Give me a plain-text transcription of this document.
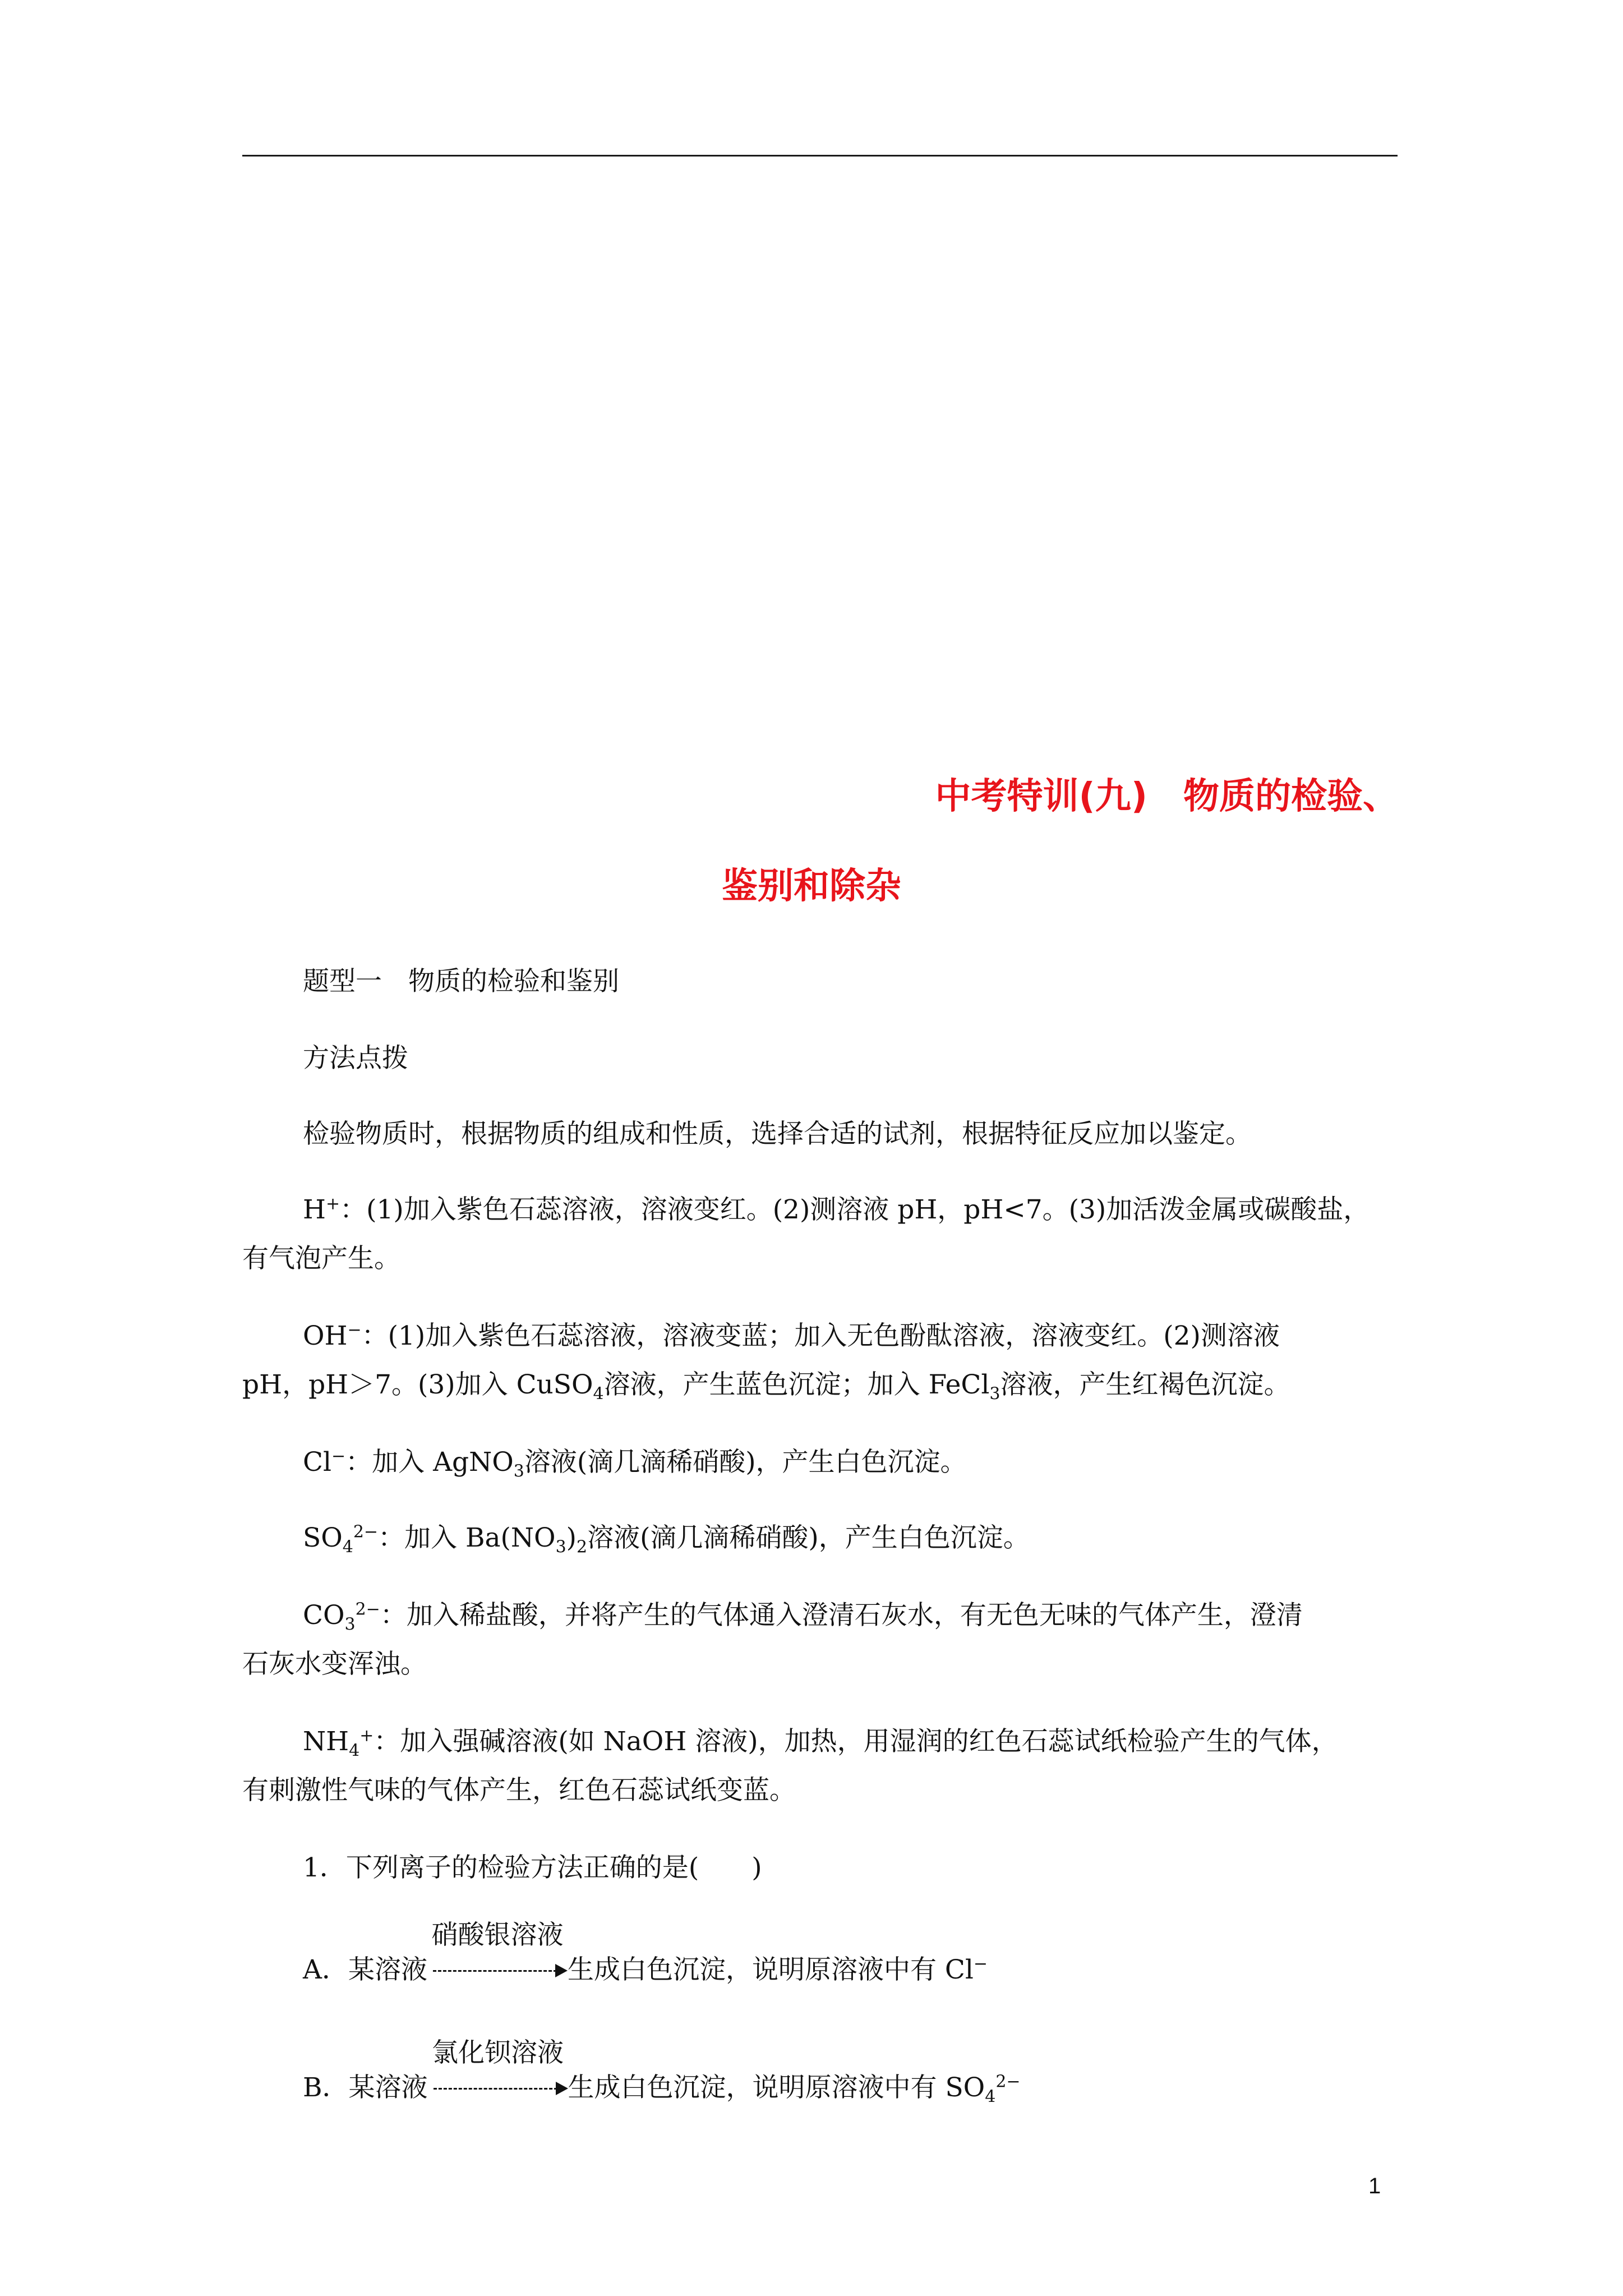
中考特训(九)　物质的检验、
鉴别和除杂
题型一　物质的检验和鉴别
方法点拨
检验物质时，根据物质的组成和性质，选择合适的试剂，根据特征反应加以鉴定。
H+：(1)加入紫色石蕊溶液，溶液变红。(2)测溶液 pH，pH<7。(3)加活泼金属或碳酸盐，
有气泡产生。
OH−：(1)加入紫色石蕊溶液，溶液变蓝；加入无色酚酞溶液，溶液变红。(2)测溶液
pH，pH＞7。(3)加入 CuSO$_4$溶液，产生蓝色沉淀；加入 FeCl$_3$溶液，产生红褐色沉淀。
Cl−：加入 AgNO$_3$溶液(滴几滴稀硝酸)，产生白色沉淀。
$SO_4^{2-}$：加入 $Ba(NO_3)_2$溶液(滴几滴稀硝酸)，产生白色沉淀。
$CO_3^{2-}$：加入稀盐酸，并将产生的气体通入澄清石灰水，有无色无味的气体产生，澄清
石灰水变浑浊。
$NH_4^+$：加入强碱溶液(如 NaOH 溶液)，加热，用湿润的红色石蕊试纸检验产生的气体，
有刺激性气味的气体产生，红色石蕊试纸变蓝。
1．下列离子的检验方法正确的是(　　)
A．某溶液
硝酸银溶液
生成白色沉淀，说明原溶液中有 Cl−
B．某溶液
氯化钡溶液
生成白色沉淀，说明原溶液中有 $SO_4^{2-}$
1
